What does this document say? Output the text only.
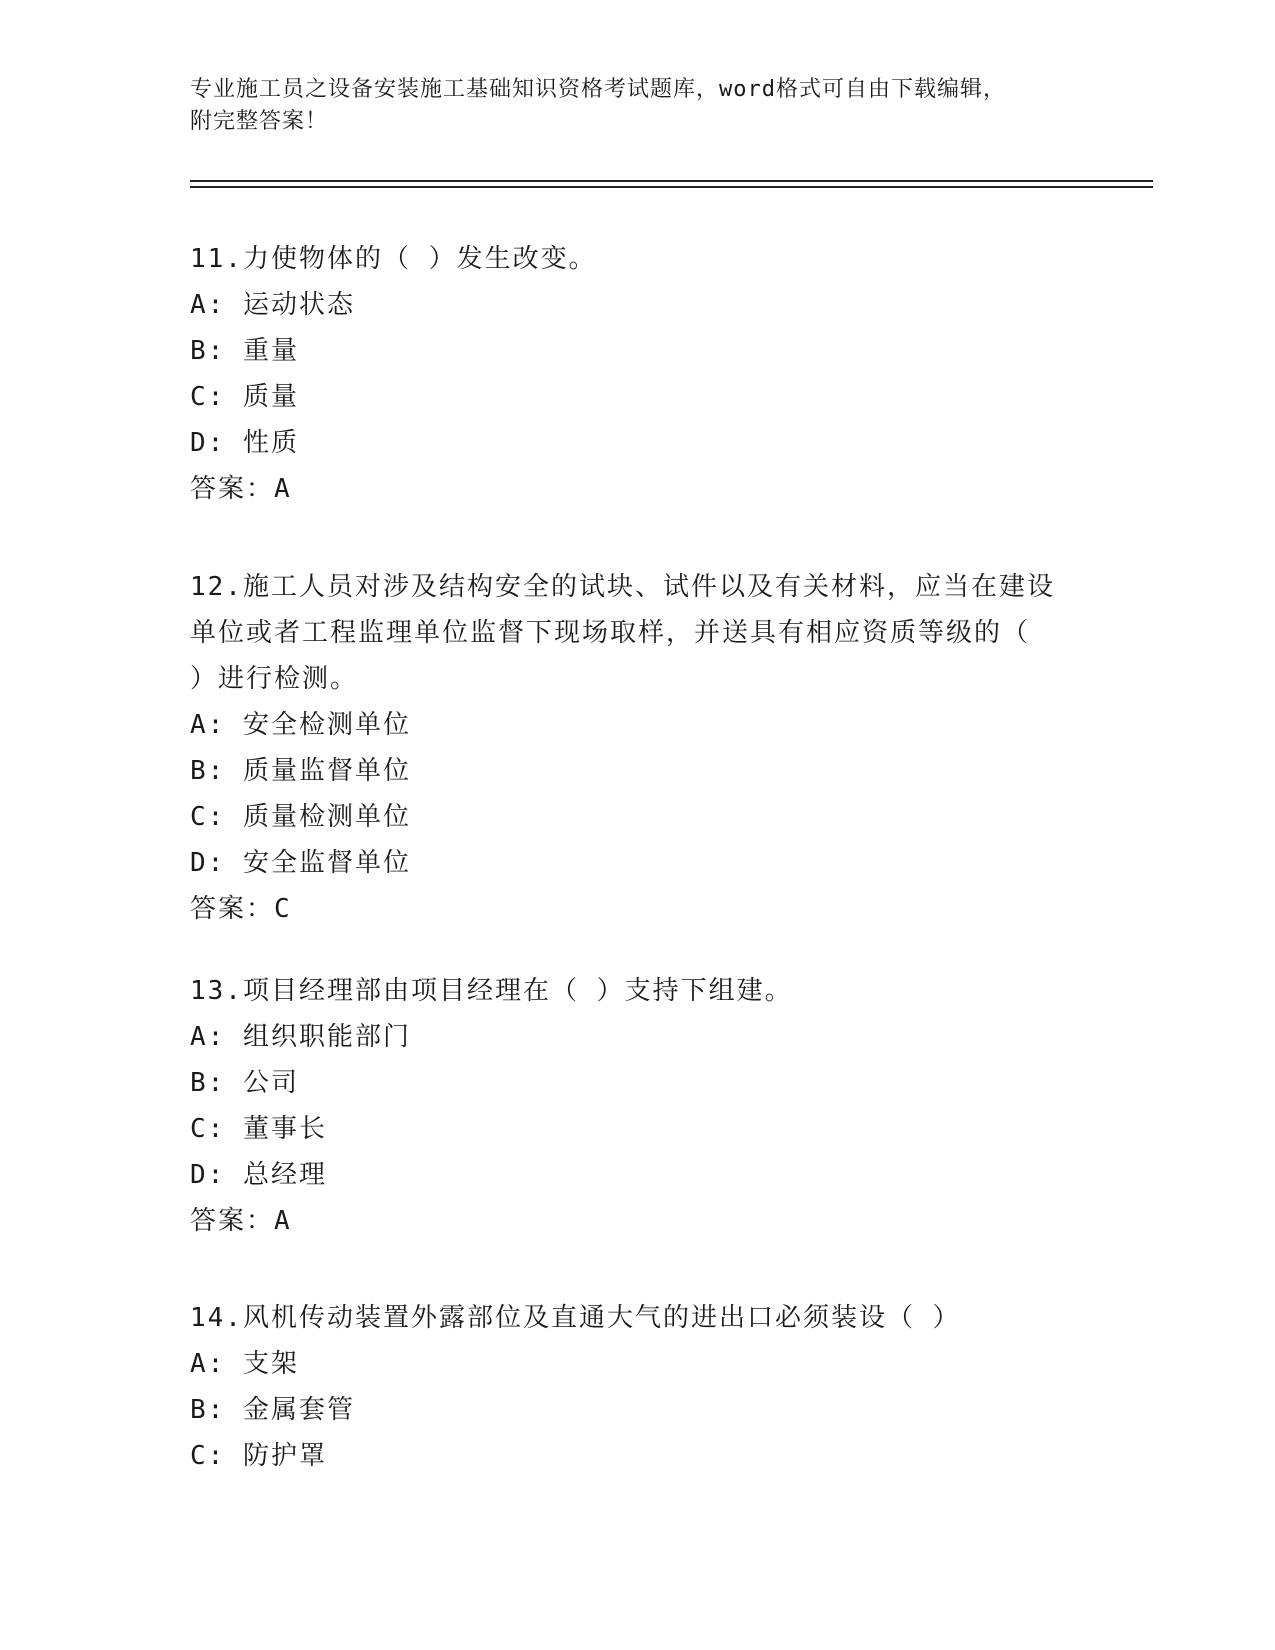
专业施工员之设备安装施工基础知识资格考试题库，word格式可自由下载编辑，
附完整答案！
11.力使物体的（ ）发生改变。
A: 运动状态
B: 重量
C: 质量
D: 性质
答案：A
12.施工人员对涉及结构安全的试块、试件以及有关材料，应当在建设
单位或者工程监理单位监督下现场取样，并送具有相应资质等级的（
）进行检测。
A: 安全检测单位
B: 质量监督单位
C: 质量检测单位
D: 安全监督单位
答案：C
13.项目经理部由项目经理在（ ）支持下组建。
A: 组织职能部门
B: 公司
C: 董事长
D: 总经理
答案：A
14.风机传动装置外露部位及直通大气的进出口必须装设（ ）
A: 支架
B: 金属套管
C: 防护罩
